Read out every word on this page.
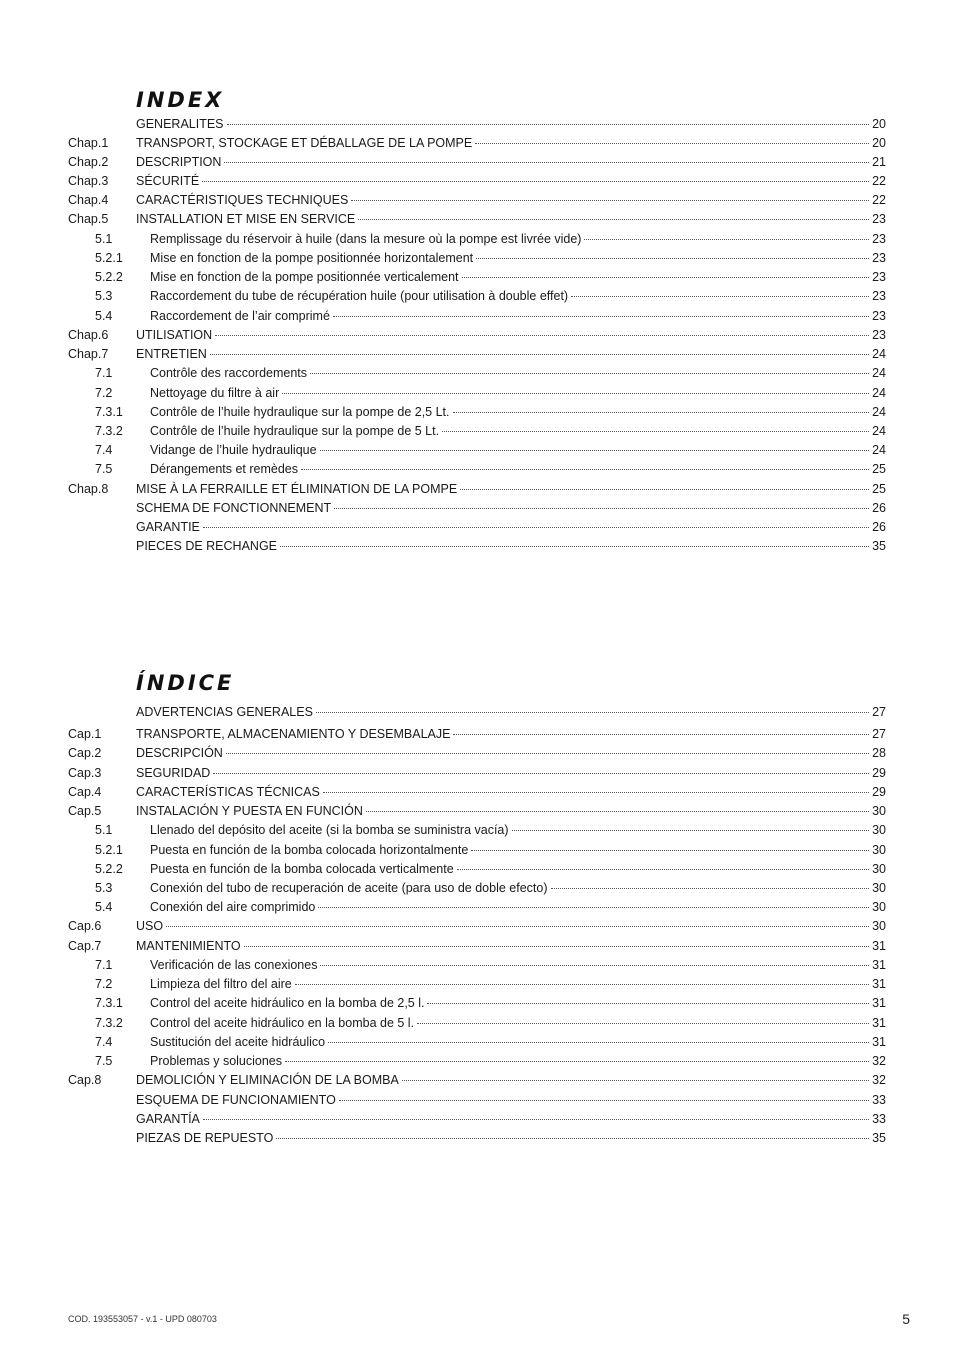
INDEX
GENERALITES	20
Chap.1 TRANSPORT, STOCKAGE ET DÉBALLAGE DE LA POMPE	20
Chap.2 DESCRIPTION	21
Chap.3 SÉCURITÉ	22
Chap.4 CARACTÉRISTIQUES TECHNIQUES	22
Chap.5 INSTALLATION ET MISE EN SERVICE	23
5.1	Remplissage du réservoir à huile (dans la mesure où la pompe est livrée vide)	23
5.2.1 Mise en fonction de la pompe positionnée horizontalement	23
5.2.2 Mise en fonction de la pompe positionnée verticalement	23
5.3	Raccordement du tube de récupération huile (pour utilisation à double effet)	23
5.4	Raccordement de l’air comprimé	23
Chap.6 UTILISATION	23
Chap.7 ENTRETIEN	24
7.1	Contrôle des raccordements	24
7.2	Nettoyage du filtre à air	24
7.3.1 Contrôle de l’huile hydraulique sur la pompe de 2,5 Lt.	24
7.3.2 Contrôle de l’huile hydraulique sur la pompe de 5 Lt.	24
7.4	Vidange de l’huile hydraulique	24
7.5	Dérangements et remèdes	25
Chap.8 MISE À LA FERRAILLE ET ÉLIMINATION DE LA POMPE	25
SCHEMA DE FONCTIONNEMENT	26
GARANTIE	26
PIECES DE RECHANGE	35
ÍNDICE
ADVERTENCIAS GENERALES	27
Cap.1	TRANSPORTE, ALMACENAMIENTO Y DESEMBALAJE	27
Cap.2	DESCRIPCIÓN	28
Cap.3	SEGURIDAD	29
Cap.4	CARACTERÍSTICAS TÉCNICAS	29
Cap.5	INSTALACIÓN Y PUESTA EN FUNCIÓN	30
5.1	Llenado del depósito del aceite (si la bomba se suministra vacía)	30
5.2.1 Puesta en función de la bomba colocada horizontalmente	30
5.2.2 Puesta en función de la bomba colocada verticalmente	30
5.3	Conexión del tubo de recuperación de aceite (para uso de doble efecto)	30
5.4	Conexión del aire comprimido	30
Cap.6	USO	30
Cap.7	MANTENIMIENTO	31
7.1	Verificación de las conexiones	31
7.2	Limpieza del filtro del aire	31
7.3.1 Control del aceite hidráulico en la bomba de 2,5 l.	31
7.3.2 Control del aceite hidráulico en la bomba de 5 l.	31
7.4	Sustitución del aceite hidráulico	31
7.5	Problemas y soluciones	32
Cap.8	DEMOLICIÓN Y ELIMINACIÓN DE LA BOMBA	32
ESQUEMA DE FUNCIONAMIENTO	33
GARANTÍA	33
PIEZAS DE REPUESTO	35
COD. 193553057 - v.1 - UPD 080703	5
